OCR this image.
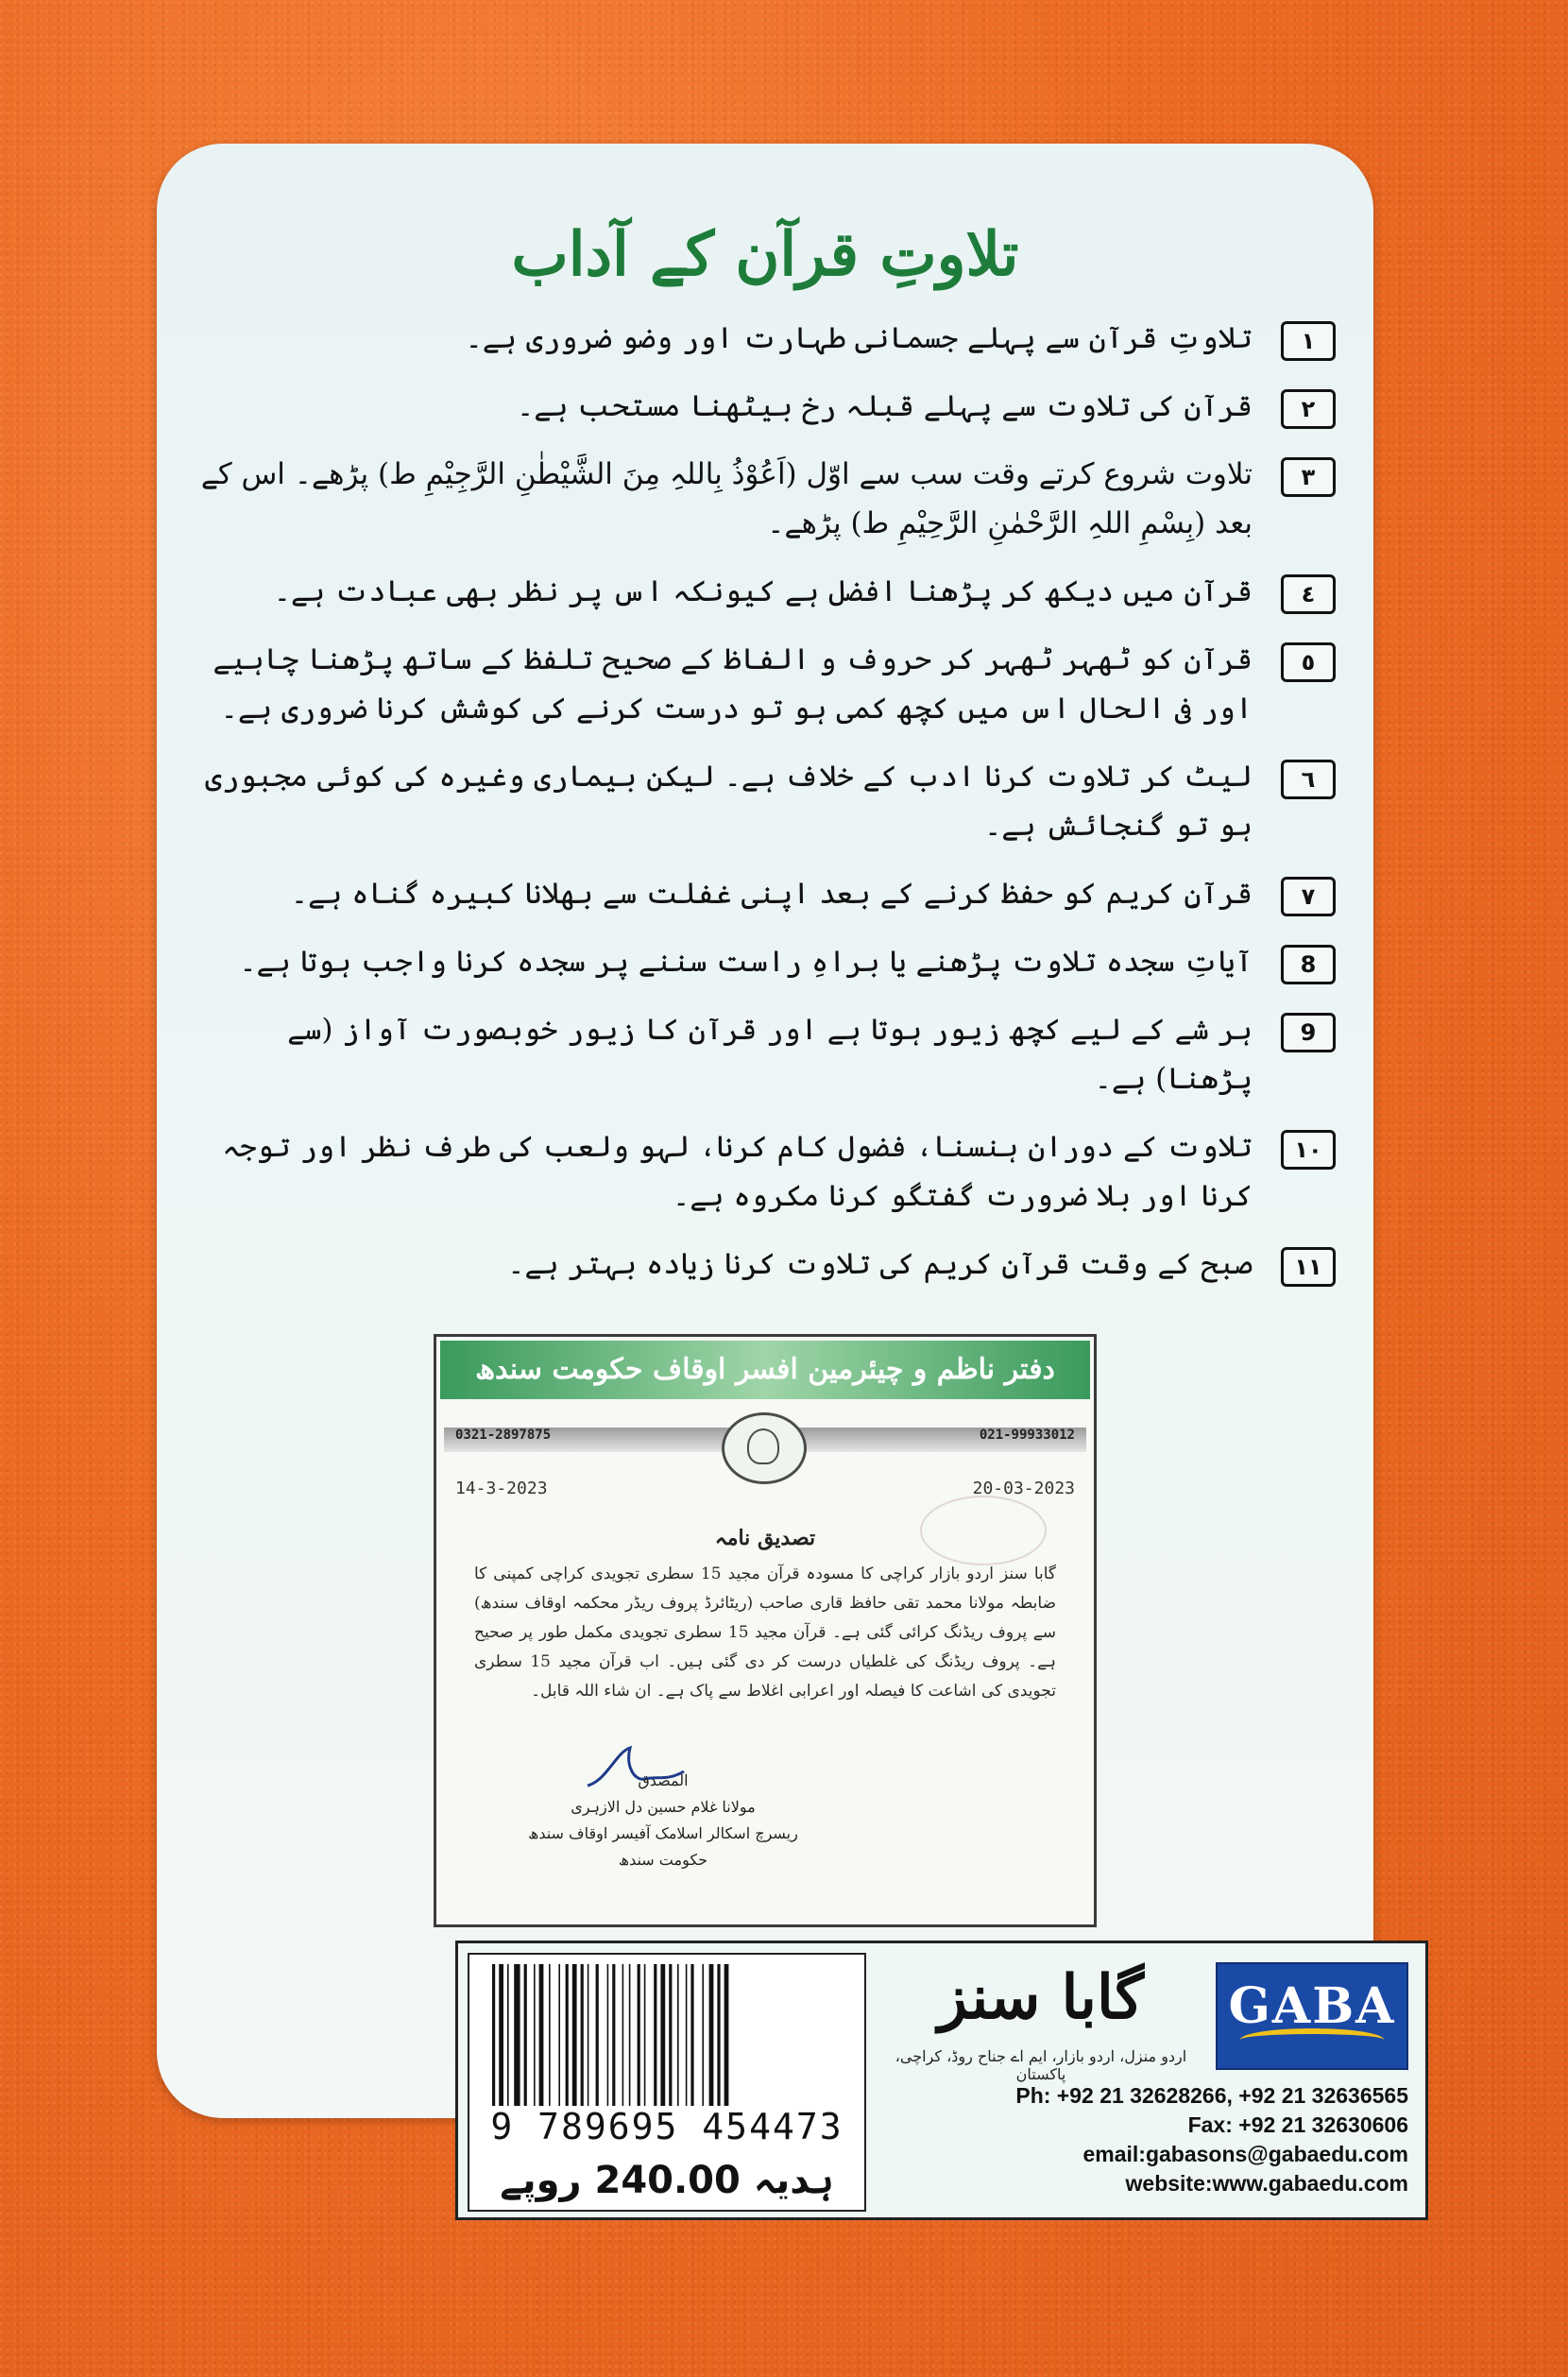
تلاوتِ قرآن کے آداب
١
تلاوتِ قرآن سے پہلے جسمانی طہارت اور وضو ضروری ہے۔
٢
قرآن کی تلاوت سے پہلے قبلہ رخ بیٹھنا مستحب ہے۔
٣
تلاوت شروع کرتے وقت سب سے اوّل (اَعُوْذُ بِاللہِ مِنَ الشَّیْطٰنِ الرَّجِیْمِ ط) پڑھے۔ اس کے بعد (بِسْمِ اللہِ الرَّحْمٰنِ الرَّحِیْمِ ط) پڑھے۔
٤
قرآن میں دیکھ کر پڑھنا افضل ہے کیونکہ اس پر نظر بھی عبادت ہے۔
٥
قرآن کو ٹھہر ٹھہر کر حروف و الفاظ کے صحیح تلفظ کے ساتھ پڑھنا چاہیے اور فی الحال اس میں کچھ کمی ہو تو درست کرنے کی کوشش کرنا ضروری ہے۔
٦
لیٹ کر تلاوت کرنا ادب کے خلاف ہے۔ لیکن بیماری وغیرہ کی کوئی مجبوری ہو تو گنجائش ہے۔
٧
قرآنِ کریم کو حفظ کرنے کے بعد اپنی غفلت سے بھلانا کبیرہ گناہ ہے۔
8
آیاتِ سجدہ تلاوت پڑھنے یا براہِ راست سننے پر سجدہ کرنا واجب ہوتا ہے۔
9
ہر شے کے لیے کچھ زیور ہوتا ہے اور قرآن کا زیور خوبصورت آواز (سے پڑھنا) ہے۔
١٠
تلاوت کے دوران ہنسنا، فضول کام کرنا، لہو ولعب کی طرف نظر اور توجہ کرنا اور بلا ضرورت گفتگو کرنا مکروہ ہے۔
١١
صبح کے وقت قرآنِ کریم کی تلاوت کرنا زیادہ بہتر ہے۔
دفتر ناظم و چیئرمین افسر اوقاف حکومت سندھ
0321-2897875	021-99933012
14-3-2023	20-03-2023
تصدیق نامہ
گابا سنز اردو بازار کراچی کا مسودہ قرآن مجید 15 سطری تجویدی کراچی کمپنی کا ضابطہ مولانا محمد تقی حافظ قاری صاحب (ریٹائرڈ پروف ریڈر محکمہ اوقاف سندھ) سے پروف ریڈنگ کرائی گئی ہے۔ قرآن مجید 15 سطری تجویدی مکمل طور پر صحیح ہے۔ پروف ریڈنگ کی غلطیاں درست کر دی گئی ہیں۔ اب قرآن مجید 15 سطری تجویدی کی اشاعت کا فیصلہ اور اعرابی اغلاط سے پاک ہے۔ ان شاء اللہ قابل۔
المصدق
مولانا غلام حسین دل الازہری
ریسرچ اسکالر اسلامک آفیسر اوقاف سندھ
حکومت سندھ
9 789695 454473
ہدیہ 240.00 روپے
گابا سنز
اردو منزل، اردو بازار، ایم اے جناح روڈ، کراچی، پاکستان
GABA
Ph: +92 21 32628266, +92 21 32636565
Fax: +92 21 32630606
email:gabasons@gabaedu.com
website:www.gabaedu.com
